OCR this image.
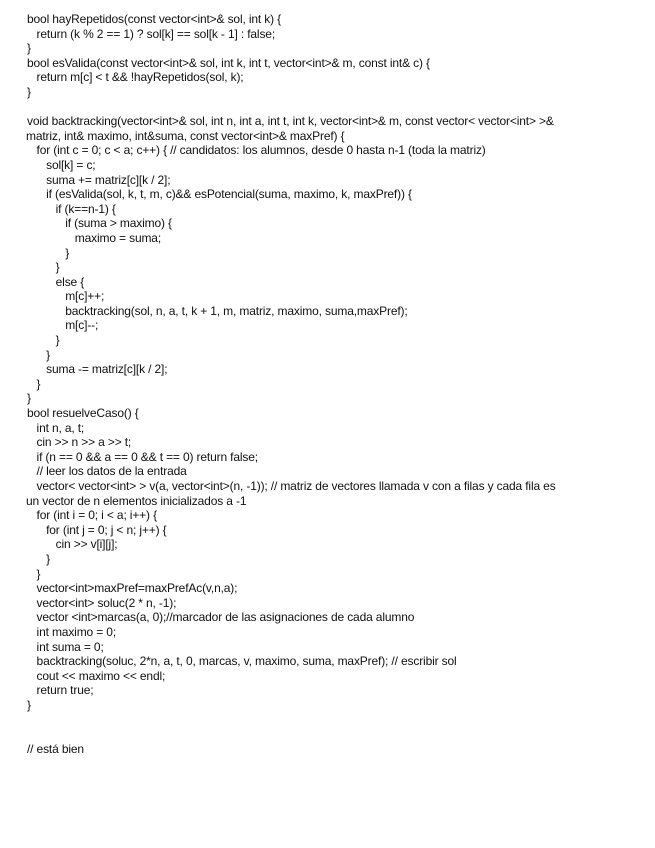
bool hayRepetidos(const vector<int>& sol, int k) {
return (k % 2 == 1) ? sol[k] == sol[k - 1] : false;
}
bool esValida(const vector<int>& sol, int k, int t, vector<int>& m, const int& c) {
return m[c] < t && !hayRepetidos(sol, k);
}
void backtracking(vector<int>& sol, int n, int a, int t, int k, vector<int>& m, const vector< vector<int> >&
matriz, int& maximo, int&suma, const vector<int>& maxPref) {
for (int c = 0; c < a; c++) { // candidatos: los alumnos, desde 0 hasta n-1 (toda la matriz)
sol[k] = c;
suma += matriz[c][k / 2];
if (esValida(sol, k, t, m, c)&& esPotencial(suma, maximo, k, maxPref)) {
if (k==n-1) {
if (suma > maximo) {
maximo = suma;
}
}
else {
m[c]++;
backtracking(sol, n, a, t, k + 1, m, matriz, maximo, suma,maxPref);
m[c]--;
}
}
suma -= matriz[c][k / 2];
}
}
bool resuelveCaso() {
int n, a, t;
cin >> n >> a >> t;
if (n == 0 && a == 0 && t == 0) return false;
// leer los datos de la entrada
vector< vector<int> > v(a, vector<int>(n, -1)); // matriz de vectores llamada v con a filas y cada fila es
un vector de n elementos inicializados a -1
for (int i = 0; i < a; i++) {
for (int j = 0; j < n; j++) {
cin >> v[i][j];
}
}
vector<int>maxPref=maxPrefAc(v,n,a);
vector<int> soluc(2 * n, -1);
vector <int>marcas(a, 0);//marcador de las asignaciones de cada alumno
int maximo = 0;
int suma = 0;
backtracking(soluc, 2*n, a, t, 0, marcas, v, maximo, suma, maxPref); // escribir sol
cout << maximo << endl;
return true;
}
// está bien
